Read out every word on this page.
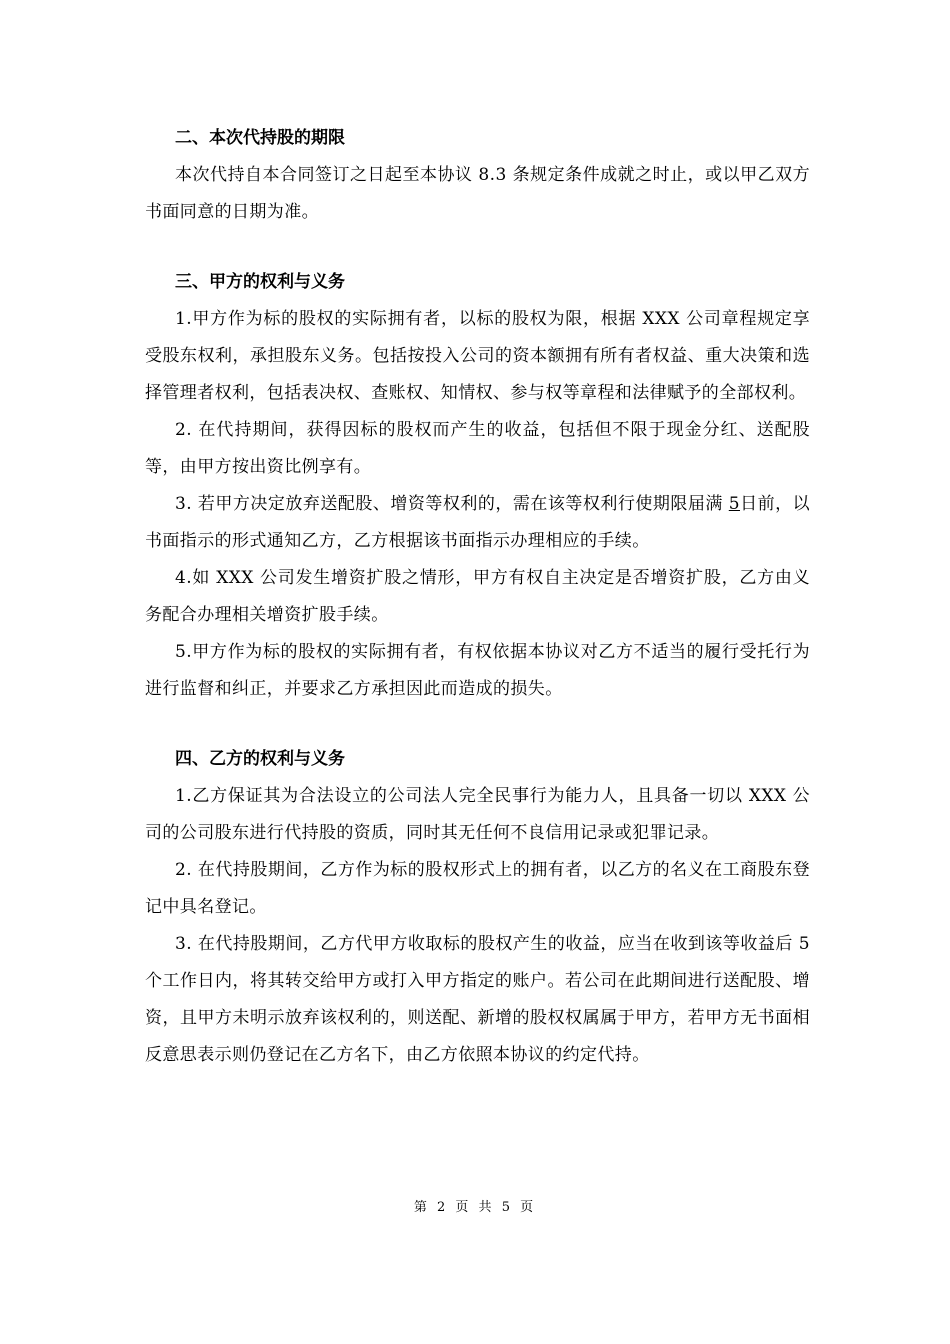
二、本次代持股的期限

本次代持自本合同签订之日起至本协议 8.3 条规定条件成就之时止，或以甲乙双方书面同意的日期为准。

三、甲方的权利与义务

1.甲方作为标的股权的实际拥有者，以标的股权为限，根据 XXX 公司章程规定享受股东权利，承担股东义务。包括按投入公司的资本额拥有所有者权益、重大决策和选择管理者权利，包括表决权、查账权、知情权、参与权等章程和法律赋予的全部权利。

2. 在代持期间，获得因标的股权而产生的收益，包括但不限于现金分红、送配股等，由甲方按出资比例享有。

3. 若甲方决定放弃送配股、增资等权利的，需在该等权利行使期限届满 5日前，以书面指示的形式通知乙方，乙方根据该书面指示办理相应的手续。

4.如 XXX 公司发生增资扩股之情形，甲方有权自主决定是否增资扩股，乙方由义务配合办理相关增资扩股手续。

5.甲方作为标的股权的实际拥有者，有权依据本协议对乙方不适当的履行受托行为进行监督和纠正，并要求乙方承担因此而造成的损失。

四、乙方的权利与义务

1.乙方保证其为合法设立的公司法人完全民事行为能力人，且具备一切以 XXX 公司的公司股东进行代持股的资质，同时其无任何不良信用记录或犯罪记录。

2. 在代持股期间，乙方作为标的股权形式上的拥有者，以乙方的名义在工商股东登记中具名登记。

3. 在代持股期间，乙方代甲方收取标的股权产生的收益，应当在收到该等收益后 5 个工作日内，将其转交给甲方或打入甲方指定的账户。若公司在此期间进行送配股、增资，且甲方未明示放弃该权利的，则送配、新增的股权权属属于甲方，若甲方无书面相反意思表示则仍登记在乙方名下，由乙方依照本协议的约定代持。

第 2 页 共 5 页
